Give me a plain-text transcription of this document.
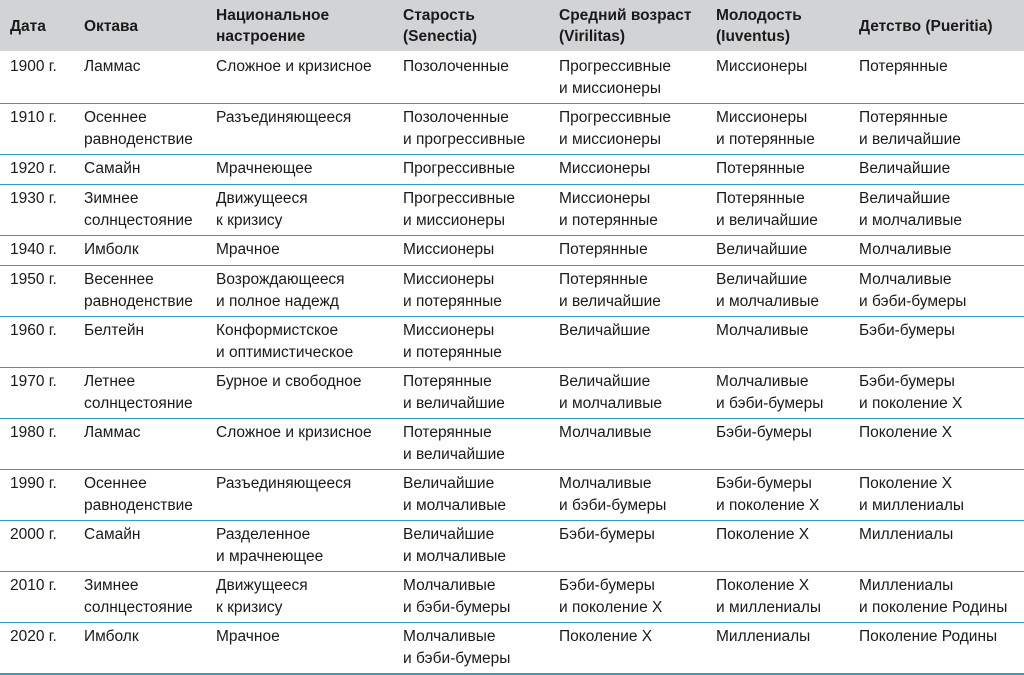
Дата	Октава	Национальное
настроение	Старость
(Senectia)	Средний возраст
(Virilitas)	Молодость
(Iuventus)	Детство (Pueritia)

1900 г.	Ламмас	Сложное и кризисное	Позолоченные	Прогрессивные
и миссионеры	Миссионеры	Потерянные

1910 г.	Осеннее
равноденствие	Разъединяющееся	Позолоченные
и прогрессивные	Прогрессивные
и миссионеры	Миссионеры
и потерянные	Потерянные
и величайшие

1920 г.	Самайн	Мрачнеющее	Прогрессивные	Миссионеры	Потерянные	Величайшие

1930 г.	Зимнее
солнцестояние	Движущееся
к кризису	Прогрессивные
и миссионеры	Миссионеры
и потерянные	Потерянные
и величайшие	Величайшие
и молчаливые

1940 г.	Имболк	Мрачное	Миссионеры	Потерянные	Величайшие	Молчаливые

1950 г.	Весеннее
равноденствие	Возрождающееся
и полное надежд	Миссионеры
и потерянные	Потерянные
и величайшие	Величайшие
и молчаливые	Молчаливые
и бэби-бумеры

1960 г.	Белтейн	Конформистское
и оптимистическое	Миссионеры
и потерянные	Величайшие	Молчаливые	Бэби-бумеры

1970 г.	Летнее
солнцестояние	Бурное и свободное	Потерянные
и величайшие	Величайшие
и молчаливые	Молчаливые
и бэби-бумеры	Бэби-бумеры
и поколение X

1980 г.	Ламмас	Сложное и кризисное	Потерянные
и величайшие	Молчаливые	Бэби-бумеры	Поколение X

1990 г.	Осеннее
равноденствие	Разъединяющееся	Величайшие
и молчаливые	Молчаливые
и бэби-бумеры	Бэби-бумеры
и поколение X	Поколение X
и миллениалы

2000 г.	Самайн	Разделенное
и мрачнеющее	Величайшие
и молчаливые	Бэби-бумеры	Поколение X	Миллениалы

2010 г.	Зимнее
солнцестояние	Движущееся
к кризису	Молчаливые
и бэби-бумеры	Бэби-бумеры
и поколение X	Поколение X
и миллениалы	Миллениалы
и поколение Родины

2020 г.	Имболк	Мрачное	Молчаливые
и бэби-бумеры	Поколение X	Миллениалы	Поколение Родины
